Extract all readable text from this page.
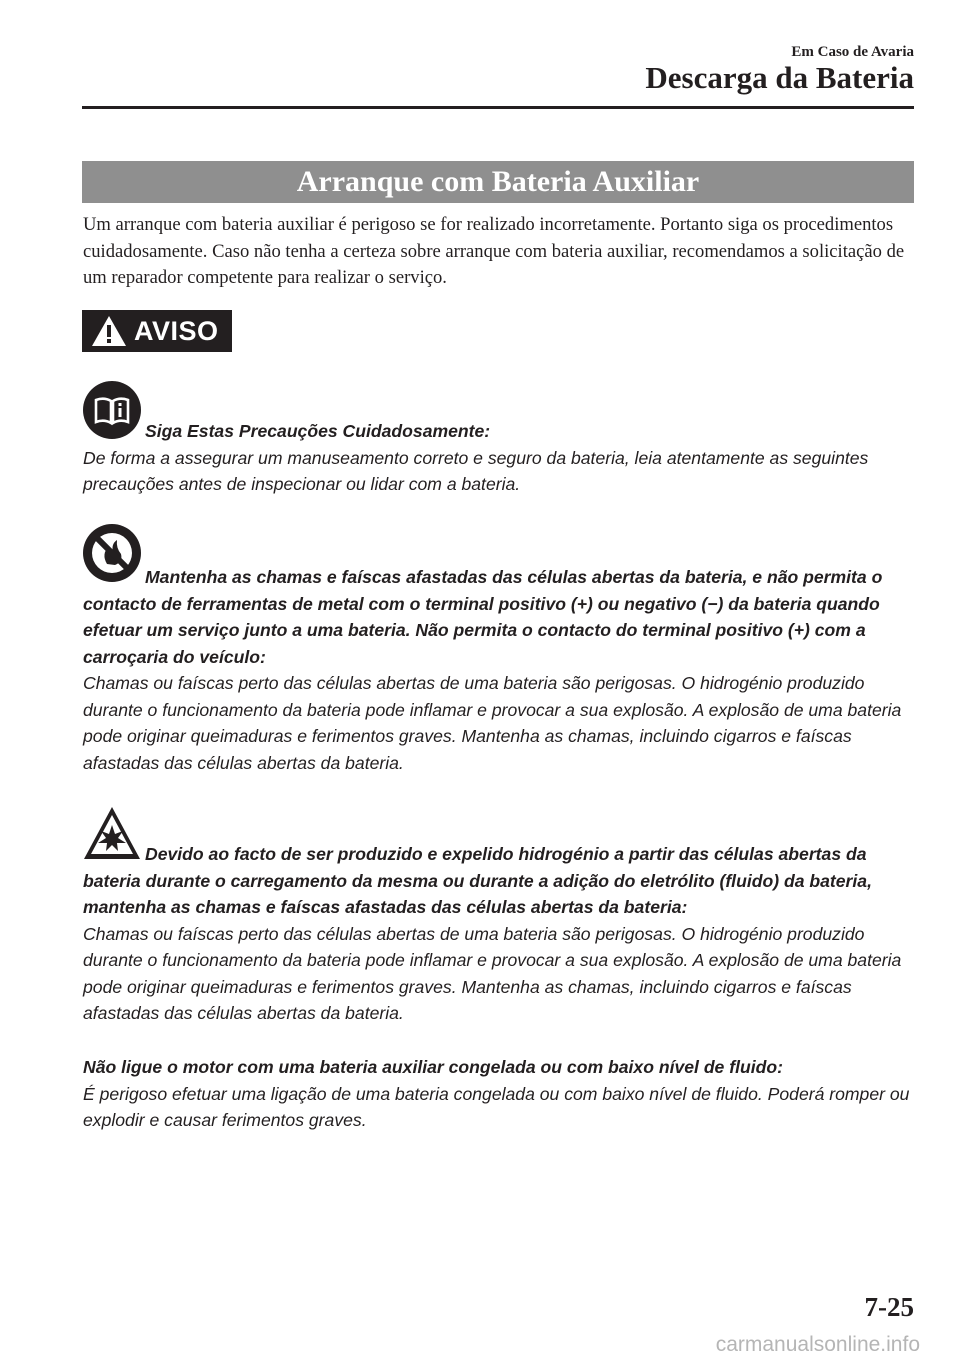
Em Caso de Avaria
Descarga da Bateria
Arranque com Bateria Auxiliar

Um arranque com bateria auxiliar é perigoso se for realizado incorretamente. Portanto siga os procedimentos cuidadosamente. Caso não tenha a certeza sobre arranque com bateria auxiliar, recomendamos a solicitação de um reparador competente para realizar o serviço.

AVISO
Siga Estas Precauções Cuidadosamente:
De forma a assegurar um manuseamento correto e seguro da bateria, leia atentamente as seguintes precauções antes de inspecionar ou lidar com a bateria.
Mantenha as chamas e faíscas afastadas das células abertas da bateria, e não permita o contacto de ferramentas de metal com o terminal positivo (+) ou negativo (−) da bateria quando efetuar um serviço junto a uma bateria. Não permita o contacto do terminal positivo (+) com a carroçaria do veículo:
Chamas ou faíscas perto das células abertas de uma bateria são perigosas. O hidrogénio produzido durante o funcionamento da bateria pode inflamar e provocar a sua explosão. A explosão de uma bateria pode originar queimaduras e ferimentos graves. Mantenha as chamas, incluindo cigarros e faíscas afastadas das células abertas da bateria.
Devido ao facto de ser produzido e expelido hidrogénio a partir das células abertas da bateria durante o carregamento da mesma ou durante a adição do eletrólito (fluido) da bateria, mantenha as chamas e faíscas afastadas das células abertas da bateria:
Chamas ou faíscas perto das células abertas de uma bateria são perigosas. O hidrogénio produzido durante o funcionamento da bateria pode inflamar e provocar a sua explosão. A explosão de uma bateria pode originar queimaduras e ferimentos graves. Mantenha as chamas, incluindo cigarros e faíscas afastadas das células abertas da bateria.
Não ligue o motor com uma bateria auxiliar congelada ou com baixo nível de fluido:
É perigoso efetuar uma ligação de uma bateria congelada ou com baixo nível de fluido. Poderá romper ou explodir e causar ferimentos graves.
7-25
carmanualsonline.info
